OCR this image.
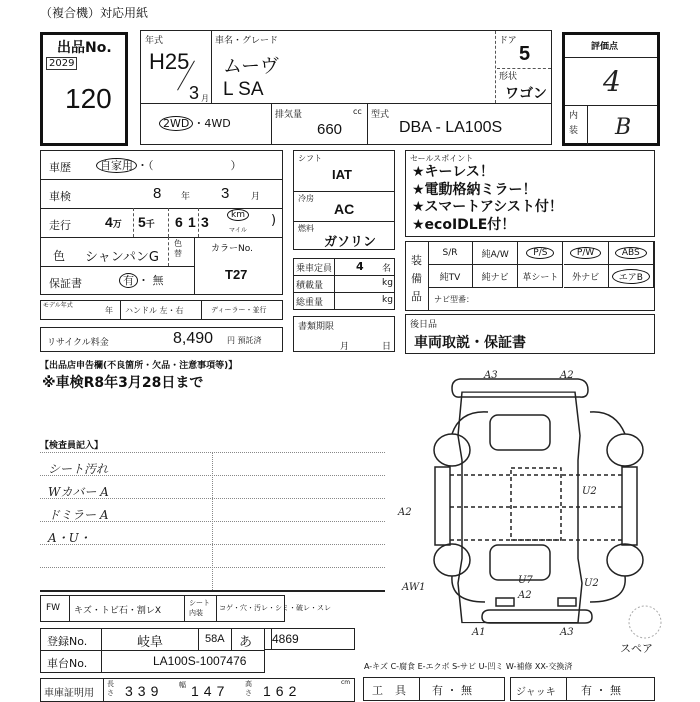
（複合機）対応用紙
出品No.
2029
120
年式
H25
3 月
車名・グレード
ムーヴ
L SA
ドア
5
形状
ワゴン
2WD ・4WD
排気量	cc
660
型式
DBA - LA100S
評価点
4
内装 B
車歴	自家用 ・（　　　　　　　）
車検	8 年 3 月
走行 4万 5千 6 1 3	km
マイル
)
色 シャンパンG
色替	カラーNo.
T27
保証書	有 ・ 無
モデル年式
年 ハンドル 左・右	ディーラー・並行
リサイクル料金	8,490 円 預託済
シフト
IAT
冷房
AC
燃料
ガソリン
乗車定員 4 名
積載量	kg
総重量	kg
書類期限
月	日
セールスポイント
★キーレス！
★電動格納ミラー！
★スマートアシスト付！
★ecoIDLE付！
装備品
S/R	純A/W	P/S	P/W	ABS
純TV 純ナビ 革シート 外ナビ	エアB
ナビ型番：
後日品
車両取説・保証書
【出品店申告欄(不良箇所・欠品・注意事項等)】
※車検R8年3月28日まで
【検査員記入】
シート汚れ
Wカバー A
ドミラー A
A・U・
FW キズ・トビ石・割レX
シート内装
コゲ・穴・汚レ・シミ・破レ・スレ
登録No.	岐阜	58A あ
車台No.	LA100S-1007476
4869
車庫証明用
長さ 339 幅 147 高さ 162
cm
A3	A2
A2
U2
AW1	U2
U7
A2
A1	A3
スペア
A-キズ C-腐食 E-エクボ S-サビ U-凹ミ W-補修 XX-交換済
工具 有 ・ 無	ジャッキ 有 ・ 無
